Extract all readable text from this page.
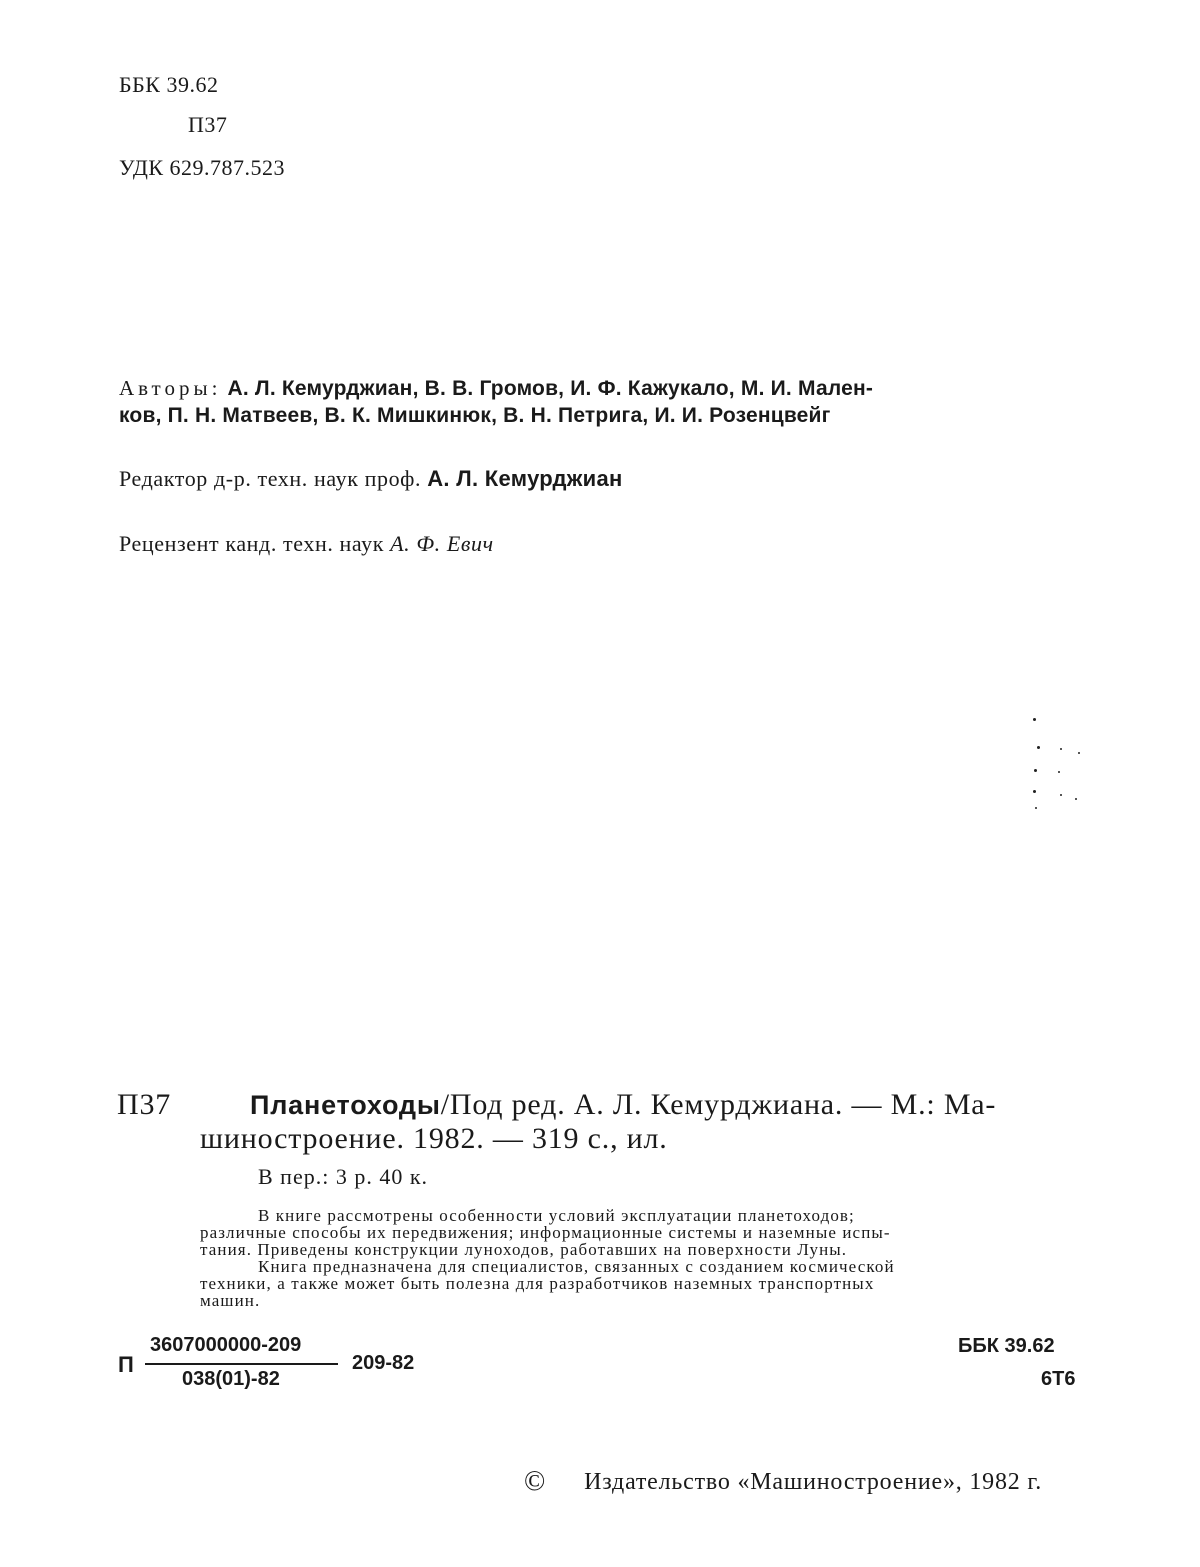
ББК 39.62
П37
УДК 629.787.523
Авторы: А. Л. Кемурджиан, В. В. Громов, И. Ф. Кажукало, М. И. Мален-
ков, П. Н. Матвеев, В. К. Мишкинюк, В. Н. Петрига, И. И. Розенцвейг
Редактор д-р. техн. наук проф. А. Л. Кемурджиан
Рецензент канд. техн. наук А. Ф. Евич
П37	Планетоходы/Под ред. А. Л. Кемурджиана. — М.: Ма-
шиностроение. 1982. — 319 с., ил.
В пер.: 3 р. 40 к.
В книге рассмотрены особенности условий эксплуатации планетоходов;
различные способы их передвижения; информационные системы и наземные испы-
тания. Приведены конструкции луноходов, работавших на поверхности Луны.
Книга предназначена для специалистов, связанных с созданием космической
техники, а также может быть полезна для разработчиков наземных транспортных
машин.
П
3607000000-209
038(01)-82
209-82
ББК 39.62
6Т6
© Издательство «Машиностроение», 1982 г.
